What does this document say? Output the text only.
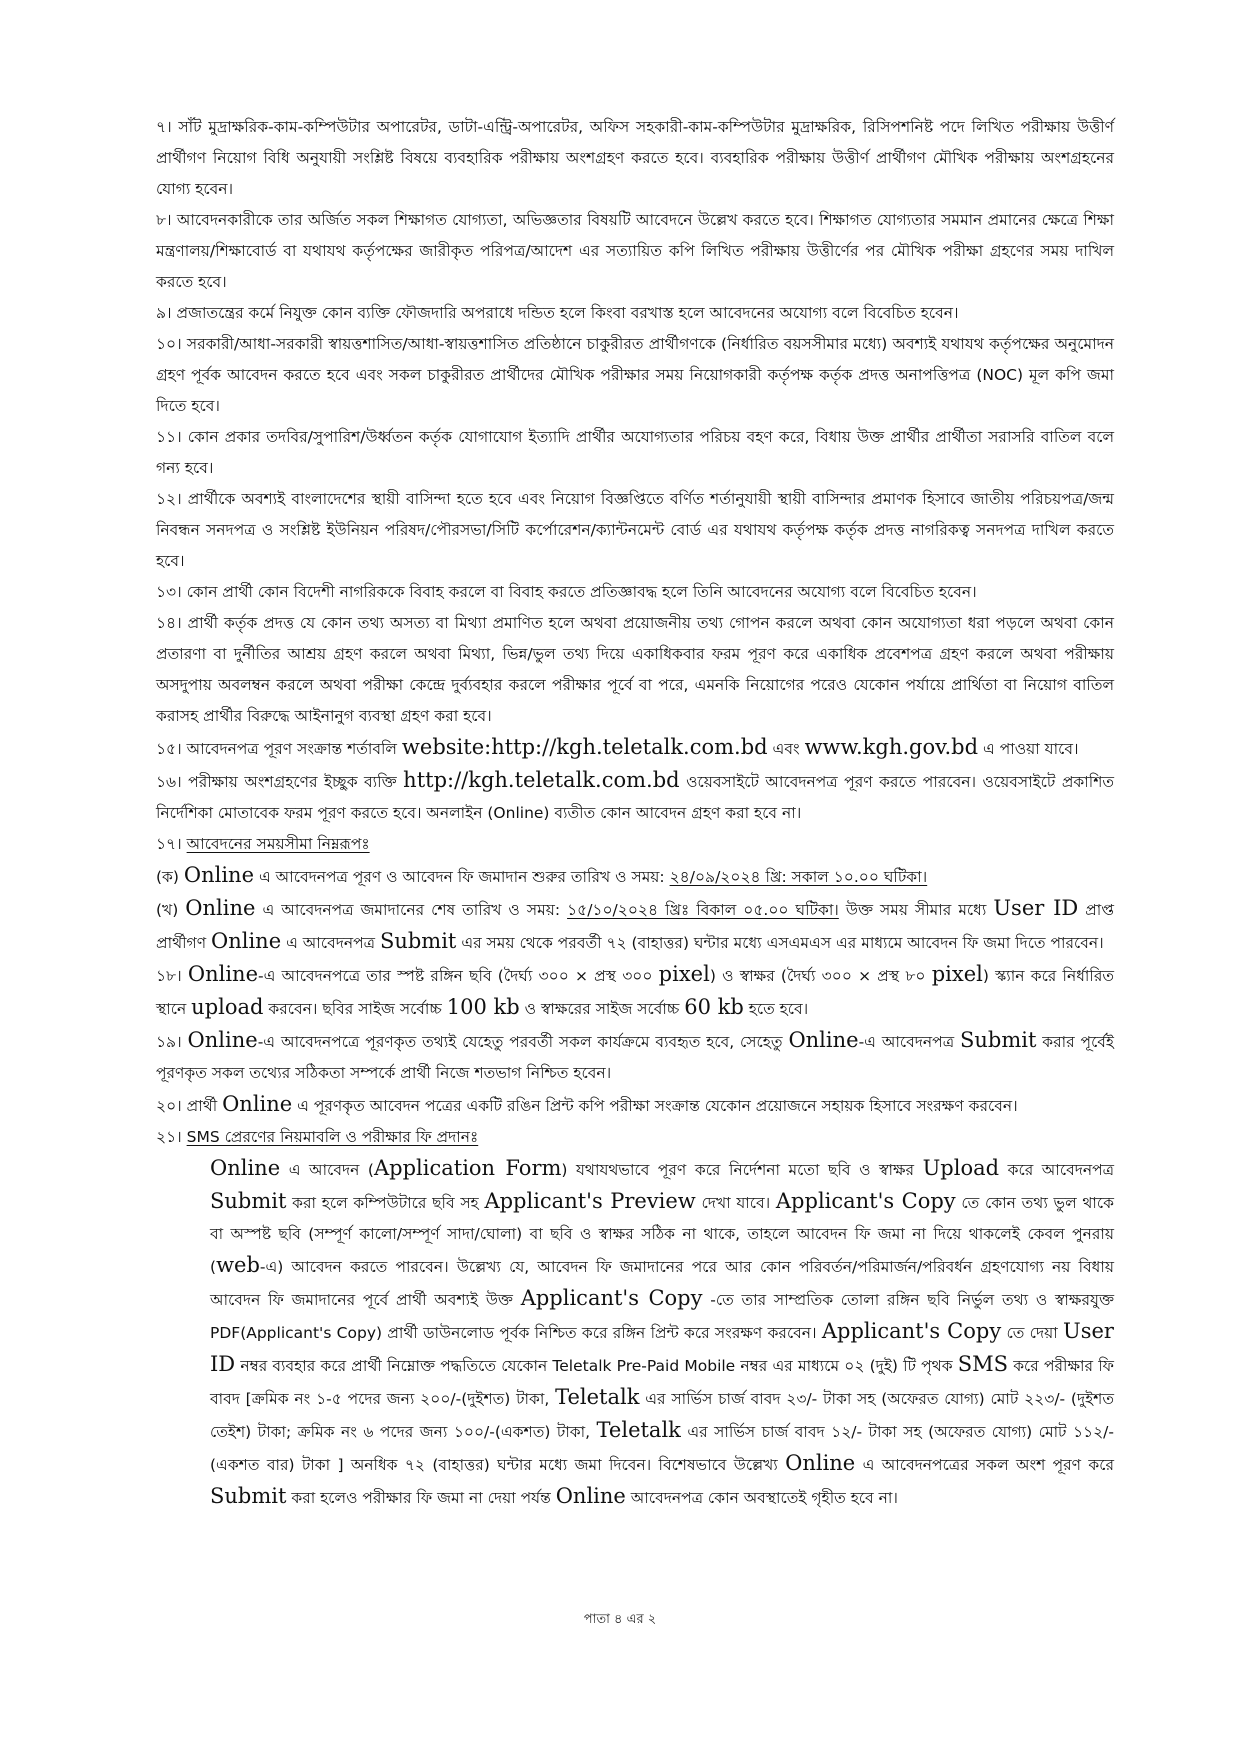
৭। সাঁট মুদ্রাক্ষরিক-কাম-কম্পিউটার অপারেটর, ডাটা-এন্ট্রি-অপারেটর, অফিস সহকারী-কাম-কম্পিউটার মুদ্রাক্ষরিক, রিসিপশনিষ্ট পদে লিখিত পরীক্ষায় উত্তীর্ণ প্রার্থীগণ নিয়োগ বিধি অনুযায়ী সংশ্লিষ্ট বিষয়ে ব্যবহারিক পরীক্ষায় অংশগ্রহণ করতে হবে। ব্যবহারিক পরীক্ষায় উত্তীর্ণ প্রার্থীগণ মৌখিক পরীক্ষায় অংশগ্রহনের যোগ্য হবেন।

৮। আবেদনকারীকে তার অর্জিত সকল শিক্ষাগত যোগ্যতা, অভিজ্ঞতার বিষয়টি আবেদনে উল্লেখ করতে হবে। শিক্ষাগত যোগ্যতার সমমান প্রমানের ক্ষেত্রে শিক্ষা মন্ত্রণালয়/শিক্ষাবোর্ড বা যথাযথ কর্তৃপক্ষের জারীকৃত পরিপত্র/আদেশ এর সত্যায়িত কপি লিখিত পরীক্ষায় উত্তীর্ণের পর মৌখিক পরীক্ষা গ্রহণের সময় দাখিল করতে হবে।

৯। প্রজাতন্ত্রের কর্মে নিযুক্ত কোন ব্যক্তি ফৌজদারি অপরাধে দন্ডিত হলে কিংবা বরখাস্ত হলে আবেদনের অযোগ্য বলে বিবেচিত হবেন।

১০। সরকারী/আধা-সরকারী স্বায়ত্তশাসিত/আধা-স্বায়ত্তশাসিত প্রতিষ্ঠানে চাকুরীরত প্রার্থীগণকে (নির্ধারিত বয়সসীমার মধ্যে) অবশ্যই যথাযথ কর্তৃপক্ষের অনুমোদন গ্রহণ পূর্বক আবেদন করতে হবে এবং সকল চাকুরীরত প্রার্থীদের মৌখিক পরীক্ষার সময় নিয়োগকারী কর্তৃপক্ষ কর্তৃক প্রদত্ত অনাপত্তিপত্র (NOC) মূল কপি জমা দিতে হবে।

১১। কোন প্রকার তদবির/সুপারিশ/উর্ধ্বতন কর্তৃক যোগাযোগ ইত্যাদি প্রার্থীর অযোগ্যতার পরিচয় বহণ করে, বিধায় উক্ত প্রার্থীর প্রার্থীতা সরাসরি বাতিল বলে গন্য হবে।

১২। প্রার্থীকে অবশ্যই বাংলাদেশের স্থায়ী বাসিন্দা হতে হবে এবং নিয়োগ বিজ্ঞপ্তিতে বর্ণিত শর্তানুযায়ী স্থায়ী বাসিন্দার প্রমাণক হিসাবে জাতীয় পরিচয়পত্র/জন্ম নিবন্ধন সনদপত্র ও সংশ্লিষ্ট ইউনিয়ন পরিষদ/পৌরসভা/সিটি কর্পোরেশন/ক্যান্টনমেন্ট বোর্ড এর যথাযথ কর্তৃপক্ষ কর্তৃক প্রদত্ত নাগরিকত্ব সনদপত্র দাখিল করতে হবে।

১৩। কোন প্রার্থী কোন বিদেশী নাগরিককে বিবাহ করলে বা বিবাহ করতে প্রতিজ্ঞাবদ্ধ হলে তিনি আবেদনের অযোগ্য বলে বিবেচিত হবেন।

১৪। প্রার্থী কর্তৃক প্রদত্ত যে কোন তথ্য অসত্য বা মিথ্যা প্রমাণিত হলে অথবা প্রয়োজনীয় তথ্য গোপন করলে অথবা কোন অযোগ্যতা ধরা পড়লে অথবা কোন প্রতারণা বা দুর্নীতির আশ্রয় গ্রহণ করলে অথবা মিথ্যা, ভিন্ন/ভুল তথ্য দিয়ে একাধিকবার ফরম পূরণ করে একাধিক প্রবেশপত্র গ্রহণ করলে অথবা পরীক্ষায় অসদুপায় অবলম্বন করলে অথবা পরীক্ষা কেন্দ্রে দুর্ব্যবহার করলে পরীক্ষার পূর্বে বা পরে, এমনকি নিয়োগের পরেও যেকোন পর্যায়ে প্রার্থিতা বা নিয়োগ বাতিল করাসহ প্রার্থীর বিরুদ্ধে আইনানুগ ব্যবস্থা গ্রহণ করা হবে।

১৫। আবেদনপত্র পূরণ সংক্রান্ত শর্তাবলি website:http://kgh.teletalk.com.bd এবং www.kgh.gov.bd এ পাওয়া যাবে।

১৬। পরীক্ষায় অংশগ্রহণের ইচ্ছুক ব্যক্তি http://kgh.teletalk.com.bd ওয়েবসাইটে আবেদনপত্র পূরণ করতে পারবেন। ওয়েবসাইটে প্রকাশিত নির্দেশিকা মোতাবেক ফরম পূরণ করতে হবে। অনলাইন (Online) ব্যতীত কোন আবেদন গ্রহণ করা হবে না।

১৭। আবেদনের সময়সীমা নিম্নরূপঃ

(ক) Online এ আবেদনপত্র পূরণ ও আবেদন ফি জমাদান শুরুর তারিখ ও সময়: ২৪/০৯/২০২৪ খ্রি: সকাল ১০.০০ ঘটিকা।

(খ) Online এ আবেদনপত্র জমাদানের শেষ তারিখ ও সময়: ১৫/১০/২০২৪ খ্রিঃ বিকাল ০৫.০০ ঘটিকা। উক্ত সময় সীমার মধ্যে User ID প্রাপ্ত প্রার্থীগণ Online এ আবেদনপত্র Submit এর সময় থেকে পরবর্তী ৭২ (বাহাত্তর) ঘন্টার মধ্যে এসএমএস এর মাধ্যমে আবেদন ফি জমা দিতে পারবেন।

১৮। Online-এ আবেদনপত্রে তার স্পষ্ট রঙ্গিন ছবি (দৈর্ঘ্য ৩০০ × প্রস্থ ৩০০ pixel) ও স্বাক্ষর (দৈর্ঘ্য ৩০০ × প্রস্থ ৮০ pixel) স্ক্যান করে নির্ধারিত স্থানে upload করবেন। ছবির সাইজ সর্বোচ্চ 100 kb ও স্বাক্ষরের সাইজ সর্বোচ্চ 60 kb হতে হবে।

১৯। Online-এ আবেদনপত্রে পূরণকৃত তথ্যই যেহেতু পরবর্তী সকল কার্যক্রমে ব্যবহৃত হবে, সেহেতু Online-এ আবেদনপত্র Submit করার পূর্বেই পূরণকৃত সকল তথ্যের সঠিকতা সম্পর্কে প্রার্থী নিজে শতভাগ নিশ্চিত হবেন।

২০। প্রার্থী Online এ পূরণকৃত আবেদন পত্রের একটি রঙিন প্রিন্ট কপি পরীক্ষা সংক্রান্ত যেকোন প্রয়োজনে সহায়ক হিসাবে সংরক্ষণ করবেন।

২১। SMS প্রেরণের নিয়মাবলি ও পরীক্ষার ফি প্রদানঃ

Online এ আবেদন (Application Form) যথাযথভাবে পূরণ করে নির্দেশনা মতো ছবি ও স্বাক্ষর Upload করে আবেদনপত্র Submit করা হলে কম্পিউটারে ছবি সহ Applicant's Preview দেখা যাবে। Applicant's Copy তে কোন তথ্য ভুল থাকে বা অস্পষ্ট ছবি (সম্পূর্ণ কালো/সম্পূর্ণ সাদা/ঘোলা) বা ছবি ও স্বাক্ষর সঠিক না থাকে, তাহলে আবেদন ফি জমা না দিয়ে থাকলেই কেবল পুনরায় (web-এ) আবেদন করতে পারবেন। উল্লেখ্য যে, আবেদন ফি জমাদানের পরে আর কোন পরিবর্তন/পরিমার্জন/পরিবর্ধন গ্রহণযোগ্য নয় বিধায় আবেদন ফি জমাদানের পূর্বে প্রার্থী অবশ্যই উক্ত Applicant's Copy -তে তার সাম্প্রতিক তোলা রঙ্গিন ছবি নির্ভুল তথ্য ও স্বাক্ষরযুক্ত PDF(Applicant's Copy) প্রার্থী ডাউনলোড পূর্বক নিশ্চিত করে রঙ্গিন প্রিন্ট করে সংরক্ষণ করবেন। Applicant's Copy তে দেয়া User ID নম্বর ব্যবহার করে প্রার্থী নিম্নোক্ত পদ্ধতিতে যেকোন Teletalk Pre-Paid Mobile নম্বর এর মাধ্যমে ০২ (দুই) টি পৃথক SMS করে পরীক্ষার ফি বাবদ [ক্রমিক নং ১-৫ পদের জন্য ২০০/-(দুইশত) টাকা, Teletalk এর সার্ভিস চার্জ বাবদ ২৩/- টাকা সহ (অফেরত যোগ্য) মোট ২২৩/- (দুইশত তেইশ) টাকা; ক্রমিক নং ৬ পদের জন্য ১০০/-(একশত) টাকা, Teletalk এর সার্ভিস চার্জ বাবদ ১২/- টাকা সহ (অফেরত যোগ্য) মোট ১১২/- (একশত বার) টাকা ] অনধিক ৭২ (বাহাত্তর) ঘন্টার মধ্যে জমা দিবেন। বিশেষভাবে উল্লেখ্য Online এ আবেদনপত্রের সকল অংশ পূরণ করে Submit করা হলেও পরীক্ষার ফি জমা না দেয়া পর্যন্ত Online আবেদনপত্র কোন অবস্থাতেই গৃহীত হবে না।

পাতা ৪ এর ২
